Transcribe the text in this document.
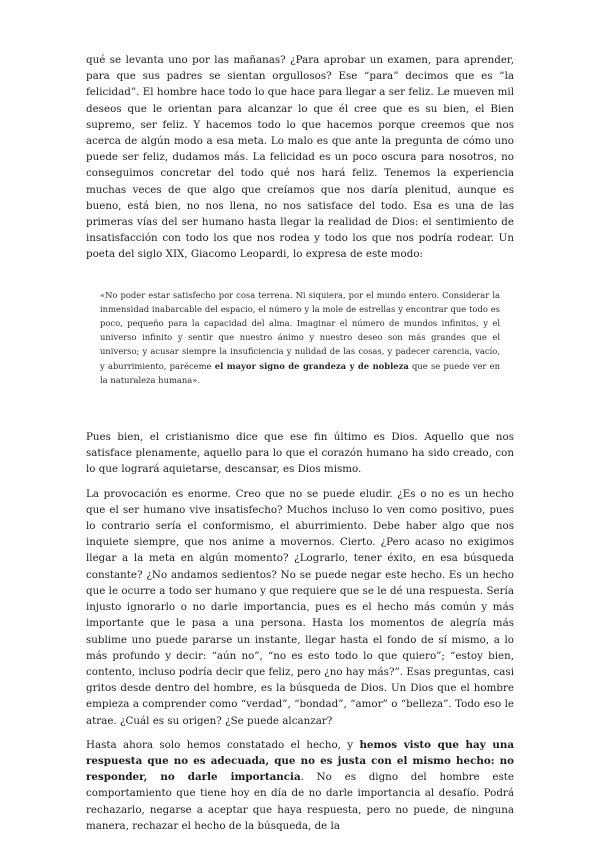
qué se levanta uno por las mañanas? ¿Para aprobar un examen, para aprender, para que sus padres se sientan orgullosos? Ese “para” decimos que es “la felicidad”. El hombre hace todo lo que hace para llegar a ser feliz. Le mueven mil deseos que le orientan para alcanzar lo que él cree que es su bien, el Bien supremo, ser feliz. Y hacemos todo lo que hacemos porque creemos que nos acerca de algún modo a esa meta. Lo malo es que ante la pregunta de cómo uno puede ser feliz, dudamos más. La felicidad es un poco oscura para nosotros, no conseguimos concretar del todo qué nos hará feliz. Tenemos la experiencia muchas veces de que algo que creíamos que nos daría plenitud, aunque es bueno, está bien, no nos llena, no nos satisface del todo. Esa es una de las primeras vías del ser humano hasta llegar la realidad de Dios: el sentimiento de insatisfacción con todo los que nos rodea y todo los que nos podría rodear. Un poeta del siglo XIX, Giacomo Leopardi, lo expresa de este modo:

«No poder estar satisfecho por cosa terrena. Ni siquiera, por el mundo entero. Considerar la inmensidad inabarcable del espacio, el número y la mole de estrellas y encontrar que todo es poco, pequeño para la capacidad del alma. Imaginar el número de mundos infinitos, y el universo infinito y sentir que nuestro ánimo y nuestro deseo son más grandes que el universo; y acusar siempre la insuficiencia y nulidad de las cosas, y padecer carencia, vacío, y aburrimiento, paréceme el mayor signo de grandeza y de nobleza que se puede ver en la naturaleza humana».

Pues bien, el cristianismo dice que ese fin último es Dios. Aquello que nos satisface plenamente, aquello para lo que el corazón humano ha sido creado, con lo que logrará aquietarse, descansar, es Dios mismo.

La provocación es enorme. Creo que no se puede eludir. ¿Es o no es un hecho que el ser humano vive insatisfecho? Muchos incluso lo ven como positivo, pues lo contrario sería el conformismo, el aburrimiento. Debe haber algo que nos inquiete siempre, que nos anime a movernos. Cierto. ¿Pero acaso no exigimos llegar a la meta en algún momento? ¿Lograrlo, tener éxito, en esa búsqueda constante? ¿No andamos sedientos? No se puede negar este hecho. Es un hecho que le ocurre a todo ser humano y que requiere que se le dé una respuesta. Sería injusto ignorarlo o no darle importancia, pues es el hecho más común y más importante que le pasa a una persona. Hasta los momentos de alegría más sublime uno puede pararse un instante, llegar hasta el fondo de sí mismo, a lo más profundo y decir: “aún no”, “no es esto todo lo que quiero”; “estoy bien, contento, incluso podría decir que feliz, pero ¿no hay más?”. Esas preguntas, casi gritos desde dentro del hombre, es la búsqueda de Dios. Un Dios que el hombre empieza a comprender como “verdad”, “bondad”, “amor” o “belleza”. Todo eso le atrae. ¿Cuál es su origen? ¿Se puede alcanzar?

Hasta ahora solo hemos constatado el hecho, y hemos visto que hay una respuesta que no es adecuada, que no es justa con el mismo hecho: no responder, no darle importancia. No es digno del hombre este comportamiento que tiene hoy en día de no darle importancia al desafío. Podrá rechazarlo, negarse a aceptar que haya respuesta, pero no puede, de ninguna manera, rechazar el hecho de la búsqueda, de la
